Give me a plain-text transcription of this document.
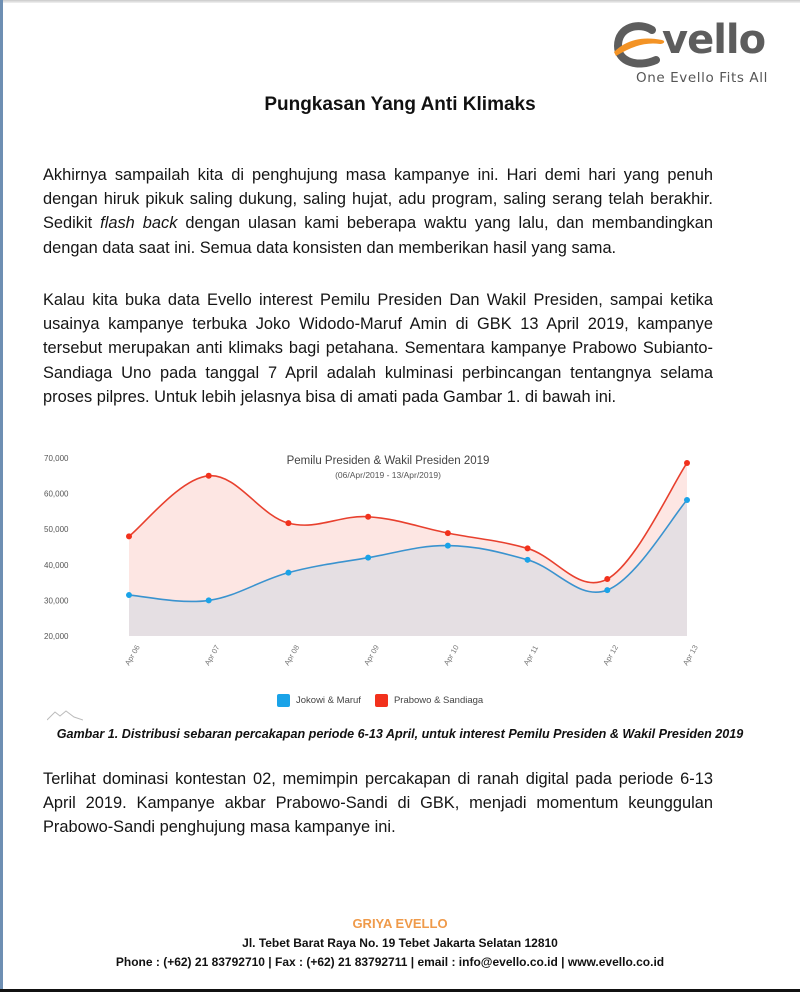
vello
One Evello Fits All
Pungkasan Yang Anti Klimaks

Akhirnya sampailah kita di penghujung masa kampanye ini. Hari demi hari yang penuh dengan hiruk pikuk saling dukung, saling hujat, adu program, saling serang telah berakhir. Sedikit flash back dengan ulasan kami beberapa waktu yang lalu, dan membandingkan dengan data saat ini. Semua data konsisten dan memberikan hasil yang sama.

Kalau kita buka data Evello interest Pemilu Presiden Dan Wakil Presiden, sampai ketika usainya kampanye terbuka Joko Widodo-Maruf Amin di GBK 13 April 2019, kampanye tersebut merupakan anti klimaks bagi petahana. Sementara kampanye Prabowo Subianto-Sandiaga Uno pada tanggal 7 April adalah kulminasi perbincangan tentangnya selama proses pilpres. Untuk lebih jelasnya bisa di amati pada Gambar 1. di bawah ini.

70,000
60,000
50,000
40,000
30,000
20,000
Pemilu Presiden & Wakil Presiden 2019
(06/Apr/2019 - 13/Apr/2019)
Apr 06	Apr 07	Apr 08	Apr 09	Apr 10	Apr 11	Apr 12	Apr 13
Jokowi & Maruf	Prabowo & Sandiaga
Gambar 1. Distribusi sebaran percakapan periode 6-13 April, untuk interest Pemilu Presiden & Wakil Presiden 2019

Terlihat dominasi kontestan 02, memimpin percakapan di ranah digital pada periode 6-13 April 2019. Kampanye akbar Prabowo-Sandi di GBK, menjadi momentum keunggulan Prabowo-Sandi penghujung masa kampanye ini.

GRIYA EVELLO
Jl. Tebet Barat Raya No. 19 Tebet Jakarta Selatan 12810
Phone : (+62) 21 83792710 | Fax : (+62) 21 83792711 | email : info@evello.co.id | www.evello.co.id
